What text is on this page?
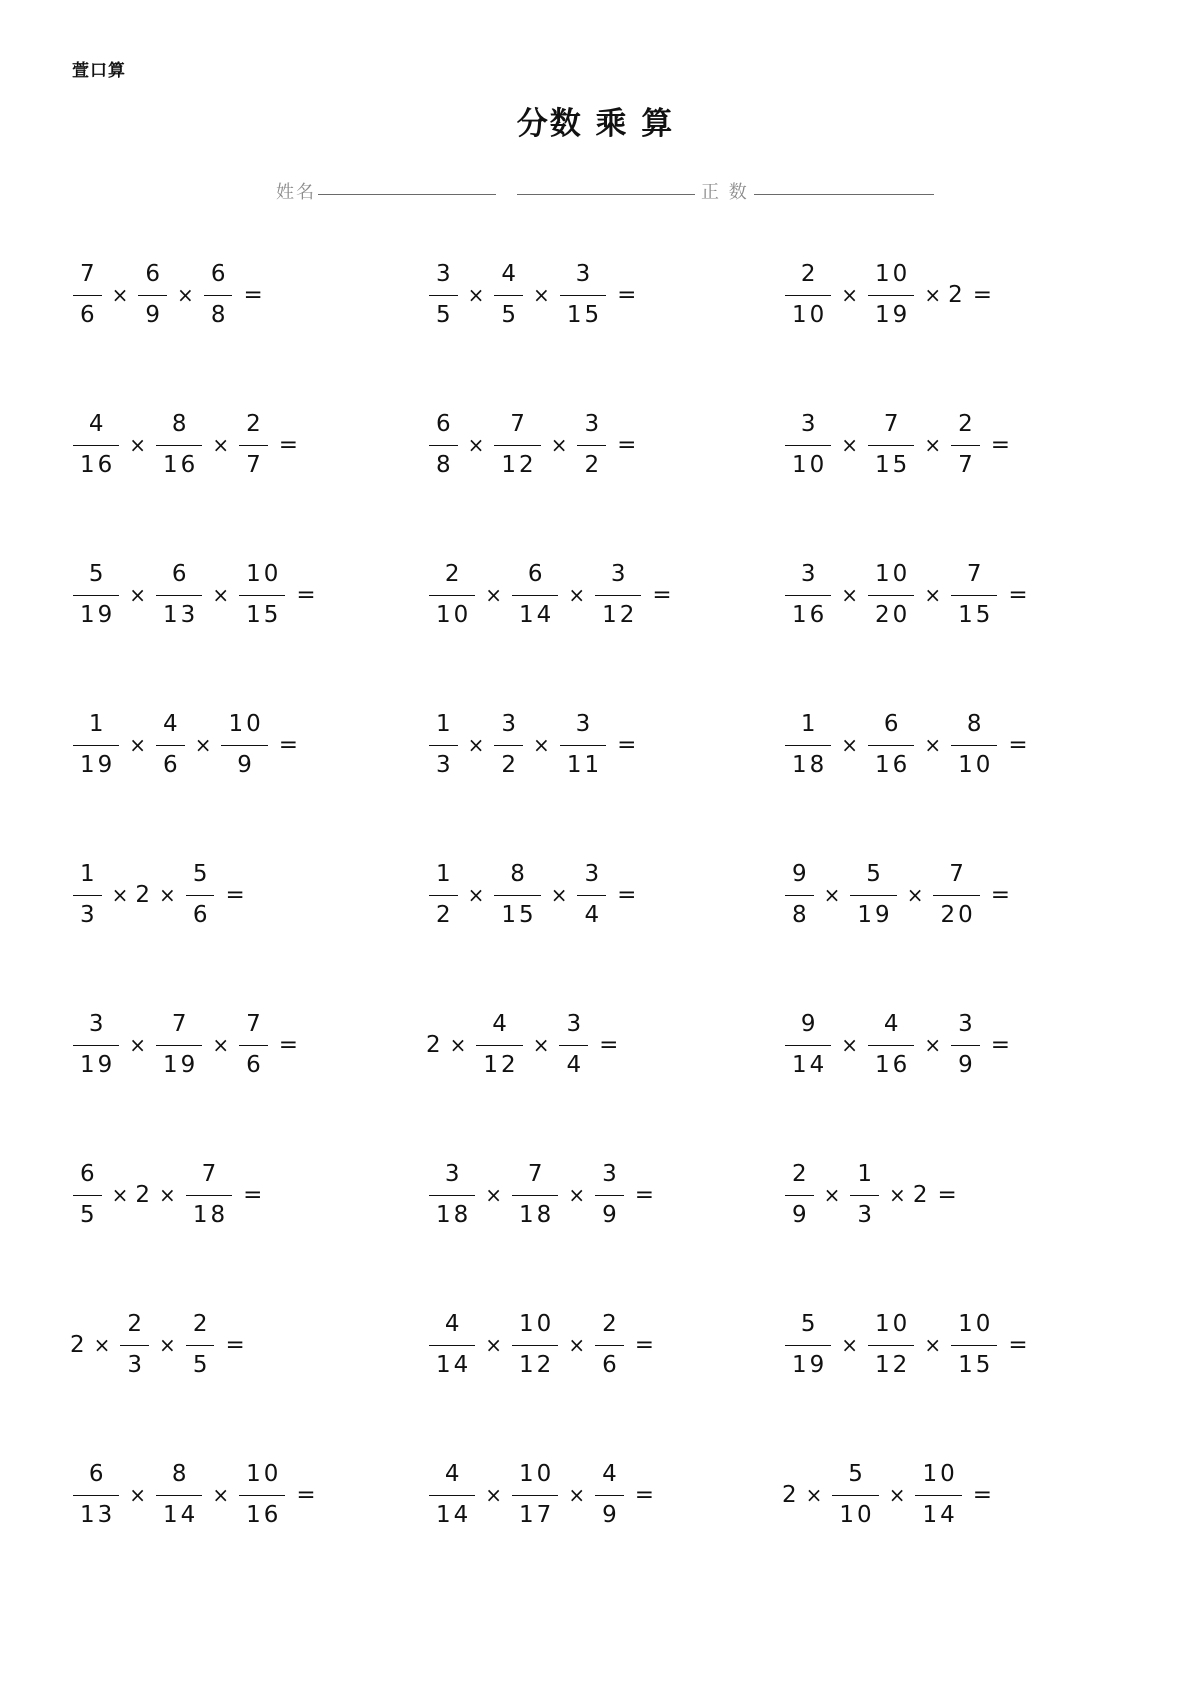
萱口算
分数 乘 算
姓名	正 数
$\frac{7}{6} \times \frac{6}{9} \times \frac{6}{8}$ =	$\frac{3}{5} \times \frac{4}{5} \times \frac{3}{15}$ =	$\frac{2}{10} \times \frac{10}{19} \times 2$ =
$\frac{4}{16} \times \frac{8}{16} \times \frac{2}{7}$ =	$\frac{6}{8} \times \frac{7}{12} \times \frac{3}{2}$ =	$\frac{3}{10} \times \frac{7}{15} \times \frac{2}{7}$ =
$\frac{5}{19} \times \frac{6}{13} \times \frac{10}{15}$ =	$\frac{2}{10} \times \frac{6}{14} \times \frac{3}{12}$ =	$\frac{3}{16} \times \frac{10}{20} \times \frac{7}{15}$ =
$\frac{1}{19} \times \frac{4}{6} \times \frac{10}{9}$ =	$\frac{1}{3} \times \frac{3}{2} \times \frac{3}{11}$ =	$\frac{1}{18} \times \frac{6}{16} \times \frac{8}{10}$ =
$\frac{1}{3} \times 2 \times \frac{5}{6}$ =	$\frac{1}{2} \times \frac{8}{15} \times \frac{3}{4}$ =	$\frac{9}{8} \times \frac{5}{19} \times \frac{7}{20}$ =
$\frac{3}{19} \times \frac{7}{19} \times \frac{7}{6}$ =	$2 \times \frac{4}{12} \times \frac{3}{4}$ =	$\frac{9}{14} \times \frac{4}{16} \times \frac{3}{9}$ =
$\frac{6}{5} \times 2 \times \frac{7}{18}$ =	$\frac{3}{18} \times \frac{7}{18} \times \frac{3}{9}$ =	$\frac{2}{9} \times \frac{1}{3} \times 2$ =
$2 \times \frac{2}{3} \times \frac{2}{5}$ =	$\frac{4}{14} \times \frac{10}{12} \times \frac{2}{6}$ =	$\frac{5}{19} \times \frac{10}{12} \times \frac{10}{15}$ =
$\frac{6}{13} \times \frac{8}{14} \times \frac{10}{16}$ =	$\frac{4}{14} \times \frac{10}{17} \times \frac{4}{9}$ =	$2 \times \frac{5}{10} \times \frac{10}{14}$ =
